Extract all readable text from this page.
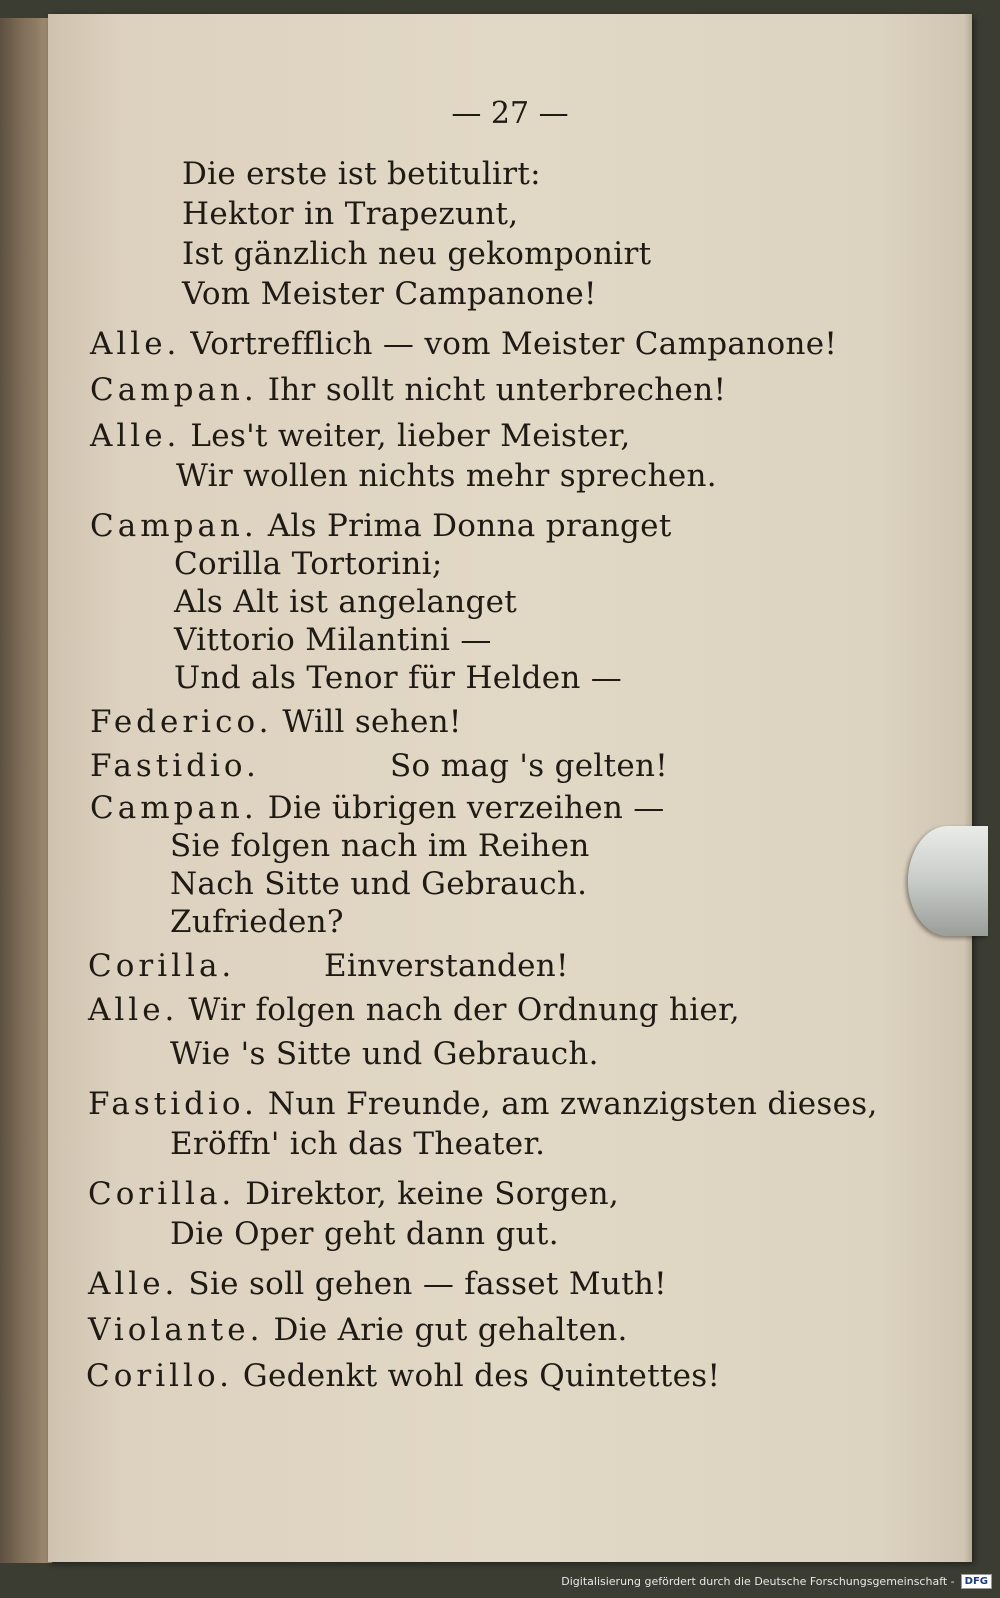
— 27 —
Die erste ist betitulirt:
Hektor in Trapezunt,
Ist gänzlich neu gekomponirt
Vom Meister Campanone!
Alle. Vortrefflich — vom Meister Campanone!
Campan. Ihr sollt nicht unterbrechen!
Alle. Les't weiter, lieber Meister,
Wir wollen nichts mehr sprechen.
Campan. Als Prima Donna pranget
Corilla Tortorini;
Als Alt ist angelanget
Vittorio Milantini —
Und als Tenor für Helden —
Federico. Will sehen!
Fastidio.	So mag 's gelten!
Campan. Die übrigen verzeihen —
Sie folgen nach im Reihen
Nach Sitte und Gebrauch.
Zufrieden?
Corilla.	Einverstanden!
Alle. Wir folgen nach der Ordnung hier,
Wie 's Sitte und Gebrauch.
Fastidio. Nun Freunde, am zwanzigsten dieses,
Eröffn' ich das Theater.
Corilla. Direktor, keine Sorgen,
Die Oper geht dann gut.
Alle. Sie soll gehen — fasset Muth!
Violante. Die Arie gut gehalten.
Corillo. Gedenkt wohl des Quintettes!
Digitalisierung gefördert durch die Deutsche Forschungsgemeinschaft -	DFG
